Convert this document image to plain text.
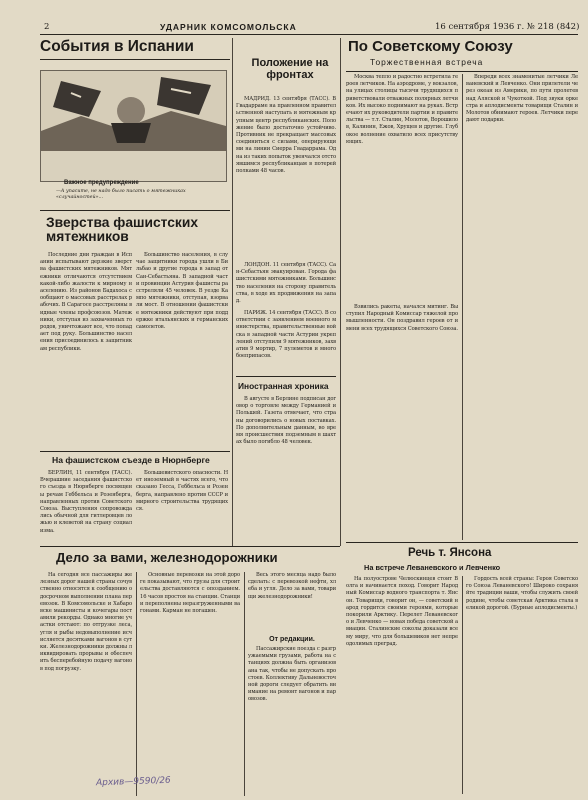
2	УДАРНИК КОМСОМОЛЬСКА	16 сентября 1936 г. № 218 (842)
События в Испании
Важное предупреждение
—А упасите, не надо было писать о мятежниках «случайностей»...
Зверства фашистских мятежников

Последние дни граждан в Испании испытывают дерзкие зверства фашистских мятежников. Мятежники отличаются отсутствием какой-либо жалости к мирному населению. Из районов Бадахоса сообщают о массовых расстрелах рабочих. В Сарагосе расстреляны видные члены профсоюзов. Матежники, отступая из захваченных городов, уничтожают все, что попадает под руку. Большинство населения присоединилось к защитникам республики.

Большинство населения, в случае защитники города ушли в Бильбао и другие города в запад от Сан-Себастьяна. В западной части провинции Астурия фашисты расстреляли 45 человек. В уезде Кампо мятежники, отступая, взорвали мост. В отношении фашистские мятежники действуют при поддержке итальянских и германских самолетов.

На фашистском съезде в Нюрнберге

БЕРЛИН, 11 сентября (ТАСС). Вчерашние заседания фашистского съезда в Нюрнберге посвящены речам Геббельса и Розенберга, направленных против Советского Союза. Выступления сопровождались обычной для гитлеровцев ложью и клеветой на страну социализма.

Большевистского опасности. Нет иноземный в частях всего, что сказано Гесса, Геббельса и Розенберга, направлено против СССР и мирного строительства трудящихся.

Положение на фронтах

МАДРИД. 13 сентября (ТАСС). В Гвадарраме на правленном правительственной наступать и мятежным крупным центр республиканских. Положение было достаточно устойчиво. Противник не прекращает массовых соединиться с силами, оперирующими на линии Сиерра Гвадаррама. Одна из таких попыток увенчался отстоявшимся республиканцам в потерей полками 48 часов.

ЛОНДОН. 11 сентября (ТАСС). Сан-Себастьян эвакуирован. Города фашистскими мятежниками. Большинство населения на сторону правительства, в ходе их продвижения на запад.

ПАРИЖ. 14 сентября (ТАСС). В соответствии с заявлением военного министерства, правительственные войска в западной части Астурии укреплений отступили 9 мятежников, захватив 9 мортир, 7 пулеметов и много боеприпасов.

Иностранная хроника

В августе в Берлине подписан договор о торговле между Германией и Польшей. Газета отмечает, что страны договорились о новых поставках. По дополнительным данным, во время происшествия подземным в шахтах было погибло 48 человек.

По Советскому Союзу
Торжественная встреча

Москва тепло и радостно встретила героев летчиков. На аэродроме, у вокзалов, на улицах столицы тысячи трудящихся приветствовали отважных полярных летчиков. Их высоко поднимают на руках. Встречают их руководители партии и правительства — т.т. Сталин, Молотов, Ворошилов, Калинин, Ежов, Хрущев и другие. Глубокое волнение охватило всех присутствующих.

Взвились ракеты, начался митинг. Выступил Народный Комиссар тяжелой промышленности. Он поздравил героев от имени всех трудящихся Советского Союза.

Впереди всех знаменитые летчики Леваневский и Левченко. Они прилетели через океан из Америки, по пути пролетев над Аляской и Чукоткой. Под звуки оркестра и аплодисменты товарищи Сталин и Молотов обнимают героев. Летчики передают подарки.

Речь т. Янсона
На встрече Леваневского и Левченко

На полуострове Челюскинцев стоит Волга и начинается поход. Говорит Народный Комиссар водного транспорта т. Янсон. Товарищи, говорит он, — советский народ гордится своими героями, которые покорили Арктику. Перелет Леваневского и Левченко — новая победа советской авиации. Сталинские соколы доказали всему миру, что для большевиков нет непреодолимых преград.

Гордость всей страны: Героя Советского Союза Леваневского! Широко сохраняйте традиции ваши, чтобы служить своей родине, чтобы советская Арктика стала великой дорогой. (Бурные аплодисменты.)

Дело за вами, железнодорожники

На сегодня все пассажиры железных дорог нашей страны сочувственно относятся к сообщению о досрочном выполнении плана перевозок. В Комсомольске и Хабаровске машинисты и кочегары поставили рекорды. Однако многие участки отстают: по отгрузке леса, угля и рыбы недовыполнение исчисляется десятками вагонов в сутки. Железнодорожники должны ликвидировать прорывы и обеспечить бесперебойную подачу вагонов под погрузку.

Основные перевозки на этой дороге показывают, что грузы для строительства доставляются с опозданием. 16 часов простоя на станции. Станции переполнены неразгруженными вагонами. Карман не погашен.

Весь этого месяца надо было сделать: с перевозкой нефти, хлеба и угля. Дело за вами, товарищи железнодорожники!

От редакции.

Пассажирские поезда с разгружаемыми грузами, работа на станциях должна быть организована так, чтобы не допускать простоев. Коллективу Дальневосточной дороги следует обратить внимание на ремонт вагонов и паровозов.

Архив—9590/26
